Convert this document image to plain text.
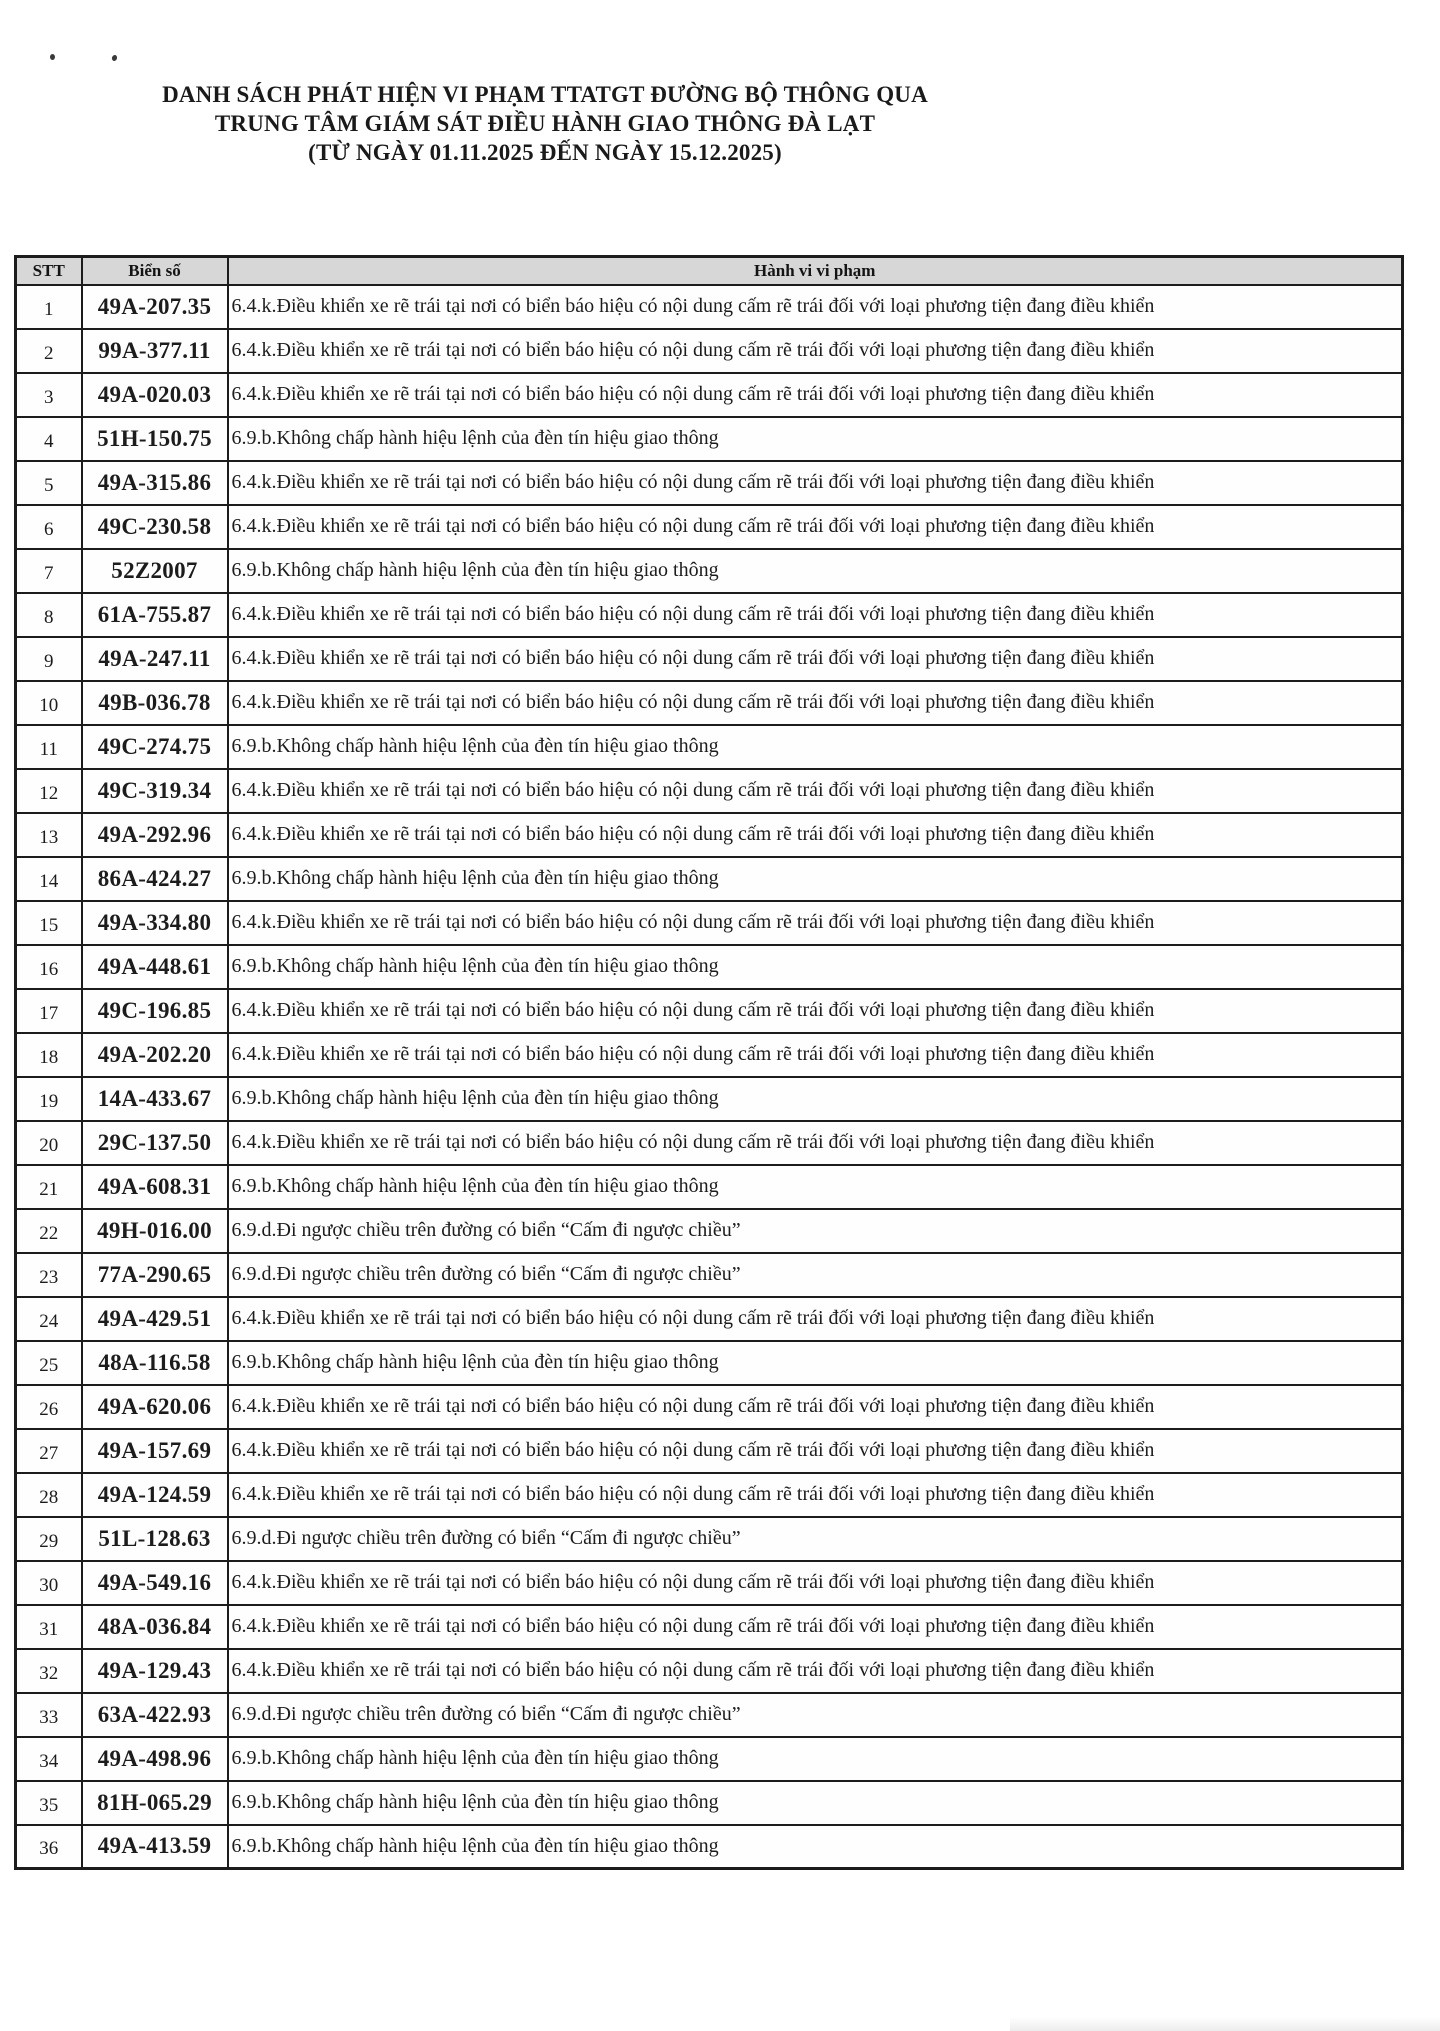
DANH SÁCH PHÁT HIỆN VI PHẠM TTATGT ĐƯỜNG BỘ THÔNG QUA
TRUNG TÂM GIÁM SÁT ĐIỀU HÀNH GIAO THÔNG ĐÀ LẠT
(TỪ NGÀY 01.11.2025 ĐẾN NGÀY 15.12.2025)
STT	Biển số	Hành vi vi phạm
1	49A-207.35	6.4.k.Điều khiển xe rẽ trái tại nơi có biển báo hiệu có nội dung cấm rẽ trái đối với loại phương tiện đang điều khiển
2	99A-377.11	6.4.k.Điều khiển xe rẽ trái tại nơi có biển báo hiệu có nội dung cấm rẽ trái đối với loại phương tiện đang điều khiển
3	49A-020.03	6.4.k.Điều khiển xe rẽ trái tại nơi có biển báo hiệu có nội dung cấm rẽ trái đối với loại phương tiện đang điều khiển
4	51H-150.75	6.9.b.Không chấp hành hiệu lệnh của đèn tín hiệu giao thông
5	49A-315.86	6.4.k.Điều khiển xe rẽ trái tại nơi có biển báo hiệu có nội dung cấm rẽ trái đối với loại phương tiện đang điều khiển
6	49C-230.58	6.4.k.Điều khiển xe rẽ trái tại nơi có biển báo hiệu có nội dung cấm rẽ trái đối với loại phương tiện đang điều khiển
7	52Z2007	6.9.b.Không chấp hành hiệu lệnh của đèn tín hiệu giao thông
8	61A-755.87	6.4.k.Điều khiển xe rẽ trái tại nơi có biển báo hiệu có nội dung cấm rẽ trái đối với loại phương tiện đang điều khiển
9	49A-247.11	6.4.k.Điều khiển xe rẽ trái tại nơi có biển báo hiệu có nội dung cấm rẽ trái đối với loại phương tiện đang điều khiển
10	49B-036.78	6.4.k.Điều khiển xe rẽ trái tại nơi có biển báo hiệu có nội dung cấm rẽ trái đối với loại phương tiện đang điều khiển
11	49C-274.75	6.9.b.Không chấp hành hiệu lệnh của đèn tín hiệu giao thông
12	49C-319.34	6.4.k.Điều khiển xe rẽ trái tại nơi có biển báo hiệu có nội dung cấm rẽ trái đối với loại phương tiện đang điều khiển
13	49A-292.96	6.4.k.Điều khiển xe rẽ trái tại nơi có biển báo hiệu có nội dung cấm rẽ trái đối với loại phương tiện đang điều khiển
14	86A-424.27	6.9.b.Không chấp hành hiệu lệnh của đèn tín hiệu giao thông
15	49A-334.80	6.4.k.Điều khiển xe rẽ trái tại nơi có biển báo hiệu có nội dung cấm rẽ trái đối với loại phương tiện đang điều khiển
16	49A-448.61	6.9.b.Không chấp hành hiệu lệnh của đèn tín hiệu giao thông
17	49C-196.85	6.4.k.Điều khiển xe rẽ trái tại nơi có biển báo hiệu có nội dung cấm rẽ trái đối với loại phương tiện đang điều khiển
18	49A-202.20	6.4.k.Điều khiển xe rẽ trái tại nơi có biển báo hiệu có nội dung cấm rẽ trái đối với loại phương tiện đang điều khiển
19	14A-433.67	6.9.b.Không chấp hành hiệu lệnh của đèn tín hiệu giao thông
20	29C-137.50	6.4.k.Điều khiển xe rẽ trái tại nơi có biển báo hiệu có nội dung cấm rẽ trái đối với loại phương tiện đang điều khiển
21	49A-608.31	6.9.b.Không chấp hành hiệu lệnh của đèn tín hiệu giao thông
22	49H-016.00	6.9.d.Đi ngược chiều trên đường có biển “Cấm đi ngược chiều”
23	77A-290.65	6.9.d.Đi ngược chiều trên đường có biển “Cấm đi ngược chiều”
24	49A-429.51	6.4.k.Điều khiển xe rẽ trái tại nơi có biển báo hiệu có nội dung cấm rẽ trái đối với loại phương tiện đang điều khiển
25	48A-116.58	6.9.b.Không chấp hành hiệu lệnh của đèn tín hiệu giao thông
26	49A-620.06	6.4.k.Điều khiển xe rẽ trái tại nơi có biển báo hiệu có nội dung cấm rẽ trái đối với loại phương tiện đang điều khiển
27	49A-157.69	6.4.k.Điều khiển xe rẽ trái tại nơi có biển báo hiệu có nội dung cấm rẽ trái đối với loại phương tiện đang điều khiển
28	49A-124.59	6.4.k.Điều khiển xe rẽ trái tại nơi có biển báo hiệu có nội dung cấm rẽ trái đối với loại phương tiện đang điều khiển
29	51L-128.63	6.9.d.Đi ngược chiều trên đường có biển “Cấm đi ngược chiều”
30	49A-549.16	6.4.k.Điều khiển xe rẽ trái tại nơi có biển báo hiệu có nội dung cấm rẽ trái đối với loại phương tiện đang điều khiển
31	48A-036.84	6.4.k.Điều khiển xe rẽ trái tại nơi có biển báo hiệu có nội dung cấm rẽ trái đối với loại phương tiện đang điều khiển
32	49A-129.43	6.4.k.Điều khiển xe rẽ trái tại nơi có biển báo hiệu có nội dung cấm rẽ trái đối với loại phương tiện đang điều khiển
33	63A-422.93	6.9.d.Đi ngược chiều trên đường có biển “Cấm đi ngược chiều”
34	49A-498.96	6.9.b.Không chấp hành hiệu lệnh của đèn tín hiệu giao thông
35	81H-065.29	6.9.b.Không chấp hành hiệu lệnh của đèn tín hiệu giao thông
36	49A-413.59	6.9.b.Không chấp hành hiệu lệnh của đèn tín hiệu giao thông
